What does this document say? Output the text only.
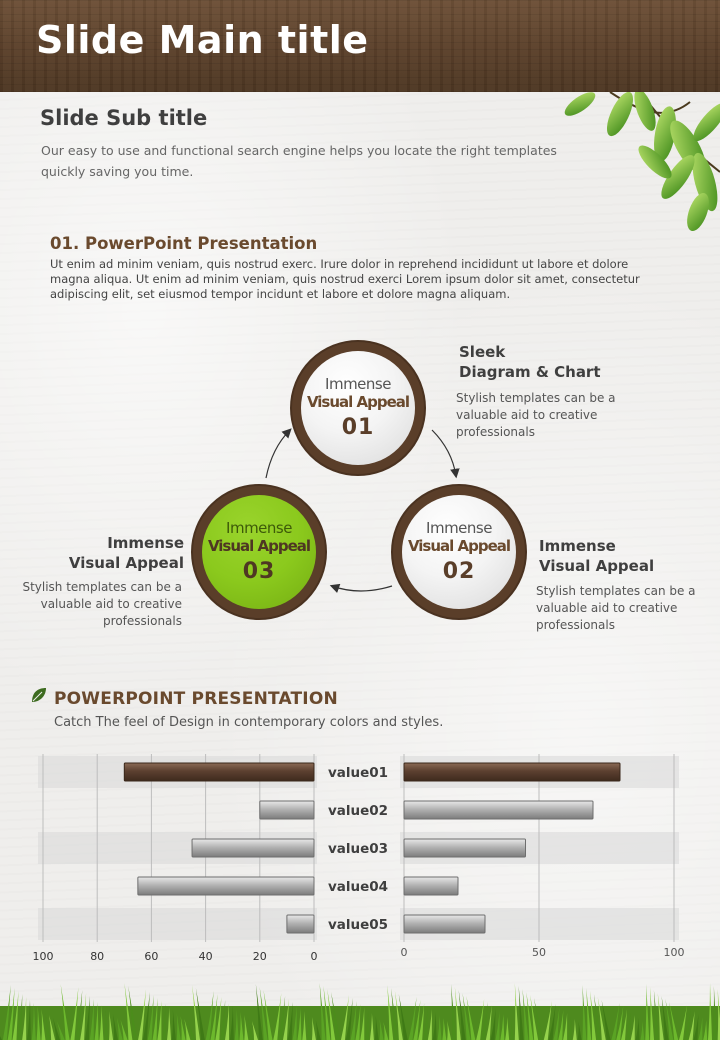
Slide Main title
Slide Sub title
Our easy to use and functional search engine helps you locate the right templates quickly saving you time.
01. PowerPoint Presentation
Ut enim ad minim veniam, quis nostrud exerc. Irure dolor in reprehend incididunt ut labore et dolore magna aliqua. Ut enim ad minim veniam, quis nostrud exerci Lorem ipsum dolor sit amet, consectetur adipiscing elit, set eiusmod tempor incidunt et labore et dolore magna aliquam.
Immense
Visual Appeal
01
Immense
Visual Appeal
02
Immense
Visual Appeal
03
Sleek
Diagram & Chart
Stylish templates can be a
valuable aid to creative
professionals
Immense
Visual Appeal
Stylish templates can be a
valuable aid to creative
professionals
Immense
Visual Appeal
Stylish templates can be a
valuable aid to creative
professionals
POWERPOINT PRESENTATION
Catch The feel of Design in contemporary colors and styles.
value01
value02
value03
value04
value05
100	80	60	40	20	0	0	50	100
